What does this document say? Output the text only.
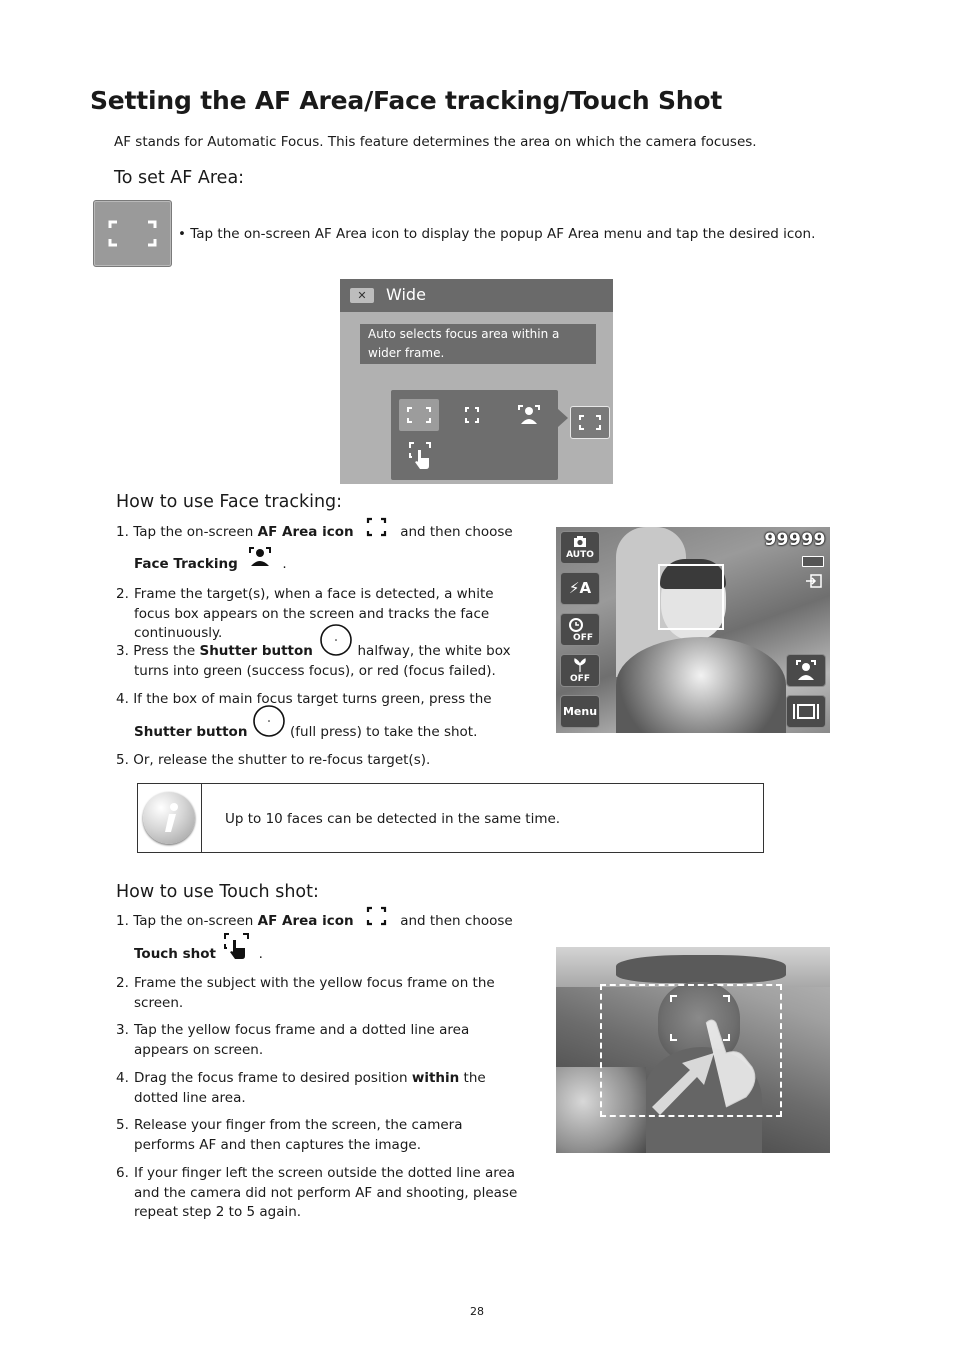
Setting the AF Area/Face tracking/Touch Shot
AF stands for Automatic Focus. This feature determines the area on which the camera focuses.
To set AF Area:
• Tap the on-screen AF Area icon to display the popup AF Area menu and tap the desired icon.
✕	Wide
Auto selects focus area within a wider frame.
How to use Face tracking:
1. Tap the on-screen AF Area icon	and then choose
Face Tracking	.
2. Frame the target(s), when a face is detected, a white focus box appears on the screen and tracks the face continuously.
3. Press the Shutter button	halfway, the white box
turns into green (success focus), or red (focus failed).
4. If the box of main focus target turns green, press the
Shutter button	(full press) to take the shot.
5. Or, release the shutter to re-focus target(s).
AUTO
⚡A
OFF
OFF
Menu
99999
Up to 10 faces can be detected in the same time.
How to use Touch shot:
1. Tap the on-screen AF Area icon	and then choose
Touch shot	.
2. Frame the subject with the yellow focus frame on the screen.
3. Tap the yellow focus frame and a dotted line area appears on screen.
4. Drag the focus frame to desired position within the dotted line area.
5. Release your finger from the screen, the camera performs AF and then captures the image.
6. If your finger left the screen outside the dotted line area and the camera did not perform AF and shooting, please repeat step 2 to 5 again.
28
